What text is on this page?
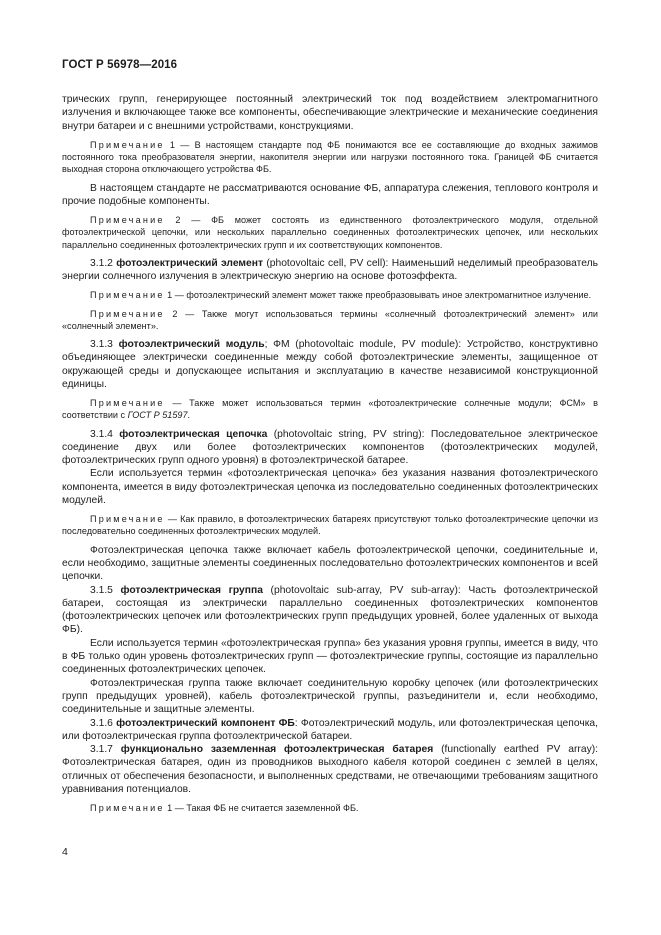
ГОСТ Р 56978—2016

трических групп, генерирующее постоянный электрический ток под воздействием электромагнитного излучения и включающее также все компоненты, обеспечивающие электрические и механические соединения внутри батареи и с внешними устройствами, конструкциями.

Примечание 1 — В настоящем стандарте под ФБ понимаются все ее составляющие до входных зажимов постоянного тока преобразователя энергии, накопителя энергии или нагрузки постоянного тока. Границей ФБ считается выходная сторона отключающего устройства ФБ.

В настоящем стандарте не рассматриваются основание ФБ, аппаратура слежения, теплового контроля и прочие подобные компоненты.

Примечание 2 — ФБ может состоять из единственного фотоэлектрического модуля, отдельной фотоэлектрической цепочки, или нескольких параллельно соединенных фотоэлектрических цепочек, или нескольких параллельно соединенных фотоэлектрических групп и их соответствующих компонентов.

3.1.2 фотоэлектрический элемент (photovoltaic cell, PV cell): Наименьший неделимый преобразователь энергии солнечного излучения в электрическую энергию на основе фотоэффекта.

Примечание 1 — фотоэлектрический элемент может также преобразовывать иное электромагнитное излучение.

Примечание 2 — Также могут использоваться термины «солнечный фотоэлектрический элемент» или «солнечный элемент».

3.1.3 фотоэлектрический модуль; ФМ (photovoltaic module, PV module): Устройство, конструктивно объединяющее электрически соединенные между собой фотоэлектрические элементы, защищенное от окружающей среды и допускающее испытания и эксплуатацию в качестве независимой конструкционной единицы.

Примечание — Также может использоваться термин «фотоэлектрические солнечные модули; ФСМ» в соответствии с ГОСТ Р 51597.

3.1.4 фотоэлектрическая цепочка (photovoltaic string, PV string): Последовательное электрическое соединение двух или более фотоэлектрических компонентов (фотоэлектрических модулей, фотоэлектрических групп одного уровня) в фотоэлектрической батарее.

Если используется термин «фотоэлектрическая цепочка» без указания названия фотоэлектрического компонента, имеется в виду фотоэлектрическая цепочка из последовательно соединенных фотоэлектрических модулей.

Примечание — Как правило, в фотоэлектрических батареях присутствуют только фотоэлектрические цепочки из последовательно соединенных фотоэлектрических модулей.

Фотоэлектрическая цепочка также включает кабель фотоэлектрической цепочки, соединительные и, если необходимо, защитные элементы соединенных последовательно фотоэлектрических компонентов и всей цепочки.

3.1.5 фотоэлектрическая группа (photovoltaic sub-array, PV sub-array): Часть фотоэлектрической батареи, состоящая из электрически параллельно соединенных фотоэлектрических компонентов (фотоэлектрических цепочек или фотоэлектрических групп предыдущих уровней, более удаленных от выхода ФБ).

Если используется термин «фотоэлектрическая группа» без указания уровня группы, имеется в виду, что в ФБ только один уровень фотоэлектрических групп — фотоэлектрические группы, состоящие из параллельно соединенных фотоэлектрических цепочек.

Фотоэлектрическая группа также включает соединительную коробку цепочек (или фотоэлектрических групп предыдущих уровней), кабель фотоэлектрической группы, разъединители и, если необходимо, соединительные и защитные элементы.

3.1.6 фотоэлектрический компонент ФБ: Фотоэлектрический модуль, или фотоэлектрическая цепочка, или фотоэлектрическая группа фотоэлектрической батареи.

3.1.7 функционально заземленная фотоэлектрическая батарея (functionally earthed PV array): Фотоэлектрическая батарея, один из проводников выходного кабеля которой соединен с землей в целях, отличных от обеспечения безопасности, и выполненных средствами, не отвечающими требованиям защитного уравнивания потенциалов.

Примечание 1 — Такая ФБ не считается заземленной ФБ.

4
